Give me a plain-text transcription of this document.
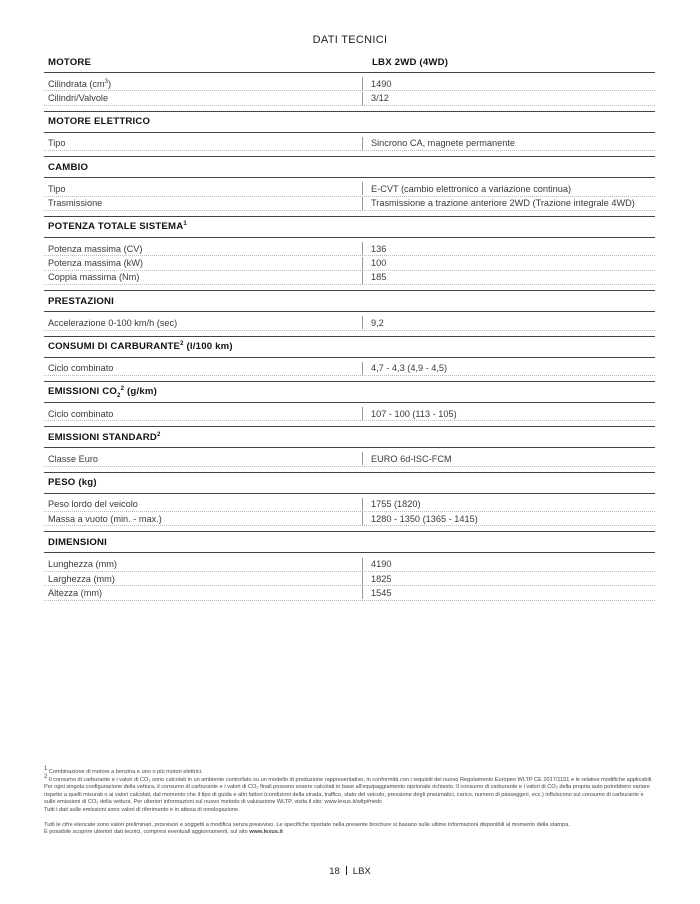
DATI TECNICI
MOTORE	LBX 2WD (4WD)
Cilindrata $(cm^3)$	1490
Cilindri/Valvole	3/12
MOTORE ELETTRICO
Tipo	Sincrono CA, magnete permanente
CAMBIO
Tipo	E-CVT (cambio elettronico a variazione continua)
Trasmissione	Trasmissione a trazione anteriore 2WD (Trazione integrale 4WD)
POTENZA TOTALE SISTEMA$^1$
Potenza massima (CV)	136
Potenza massima (kW)	100
Coppia massima (Nm)	185
PRESTAZIONI
Accelerazione 0-100 km/h (sec)	9,2
CONSUMI DI CARBURANTE$^2$ (l/100 km)
Ciclo combinato	4,7 - 4,3 (4,9 - 4,5)
EMISSIONI $CO_2^2$ (g/km)
Ciclo combinato	107 - 100 (113 - 105)
EMISSIONI STANDARD$^2$
Classe Euro	EURO 6d-ISC-FCM
PESO (kg)
Peso lordo del veicolo	1755 (1820)
Massa a vuoto (min. - max.)	1280 - 1350 (1365 - 1415)
DIMENSIONI
Lunghezza (mm)	4190
Larghezza (mm)	1825
Altezza (mm)	1545

1 Combinazione di motore a benzina e uno o più motori elettrici.

2 Il consumo di carburante e i valori di CO₂ sono calcolati in un ambiente controllato su un modello di produzione rappresentativo, in conformità con i requisiti del nuovo Regolamento Europeo WLTP CE 2017/1151 e le relative modifiche applicabili. Per ogni singola configurazione della vettura, il consumo di carburante e i valori di CO₂ finali possono essere calcolati in base all'equipaggiamento opzionale richiesto. Il consumo di carburante e i valori di CO₂ della propria auto potrebbero variare rispetto a quelli misurati o ai valori calcolati, dal momento che il tipo di guida e altri fattori (condizioni della strada, traffico, stato del veicolo, pressione degli pneumatici, carico, numero di passeggeri, ecc.) influiscono sul consumo di carburante e sulle emissioni di CO₂ della vettura. Per ulteriori informazioni sul nuovo metodo di valutazione WLTP, visita il sito: www.lexus.it/wltp#nedc

Tutti i dati sulle emissioni sono valori di riferimento e in attesa di omologazione.

Tutti le cifre elencate sono valori preliminari, provvisori e soggetti a modifica senza preavviso. Le specifiche riportate nella presente brochure si basano sulle ultime informazioni disponibili al momento della stampa.

È possibile scoprire ulteriori dati tecnici, compresi eventuali aggiornamenti, sul sito www.lexus.it

18 LBX
